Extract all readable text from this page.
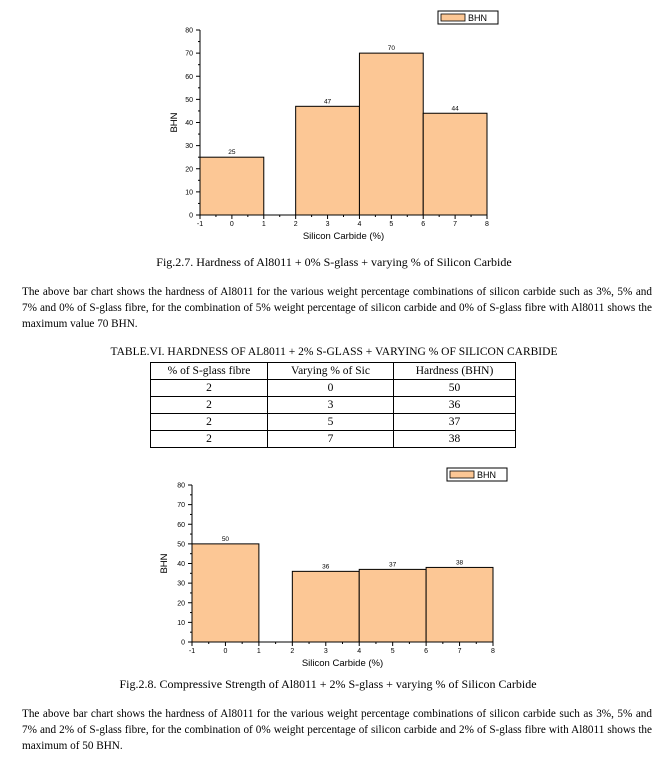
25
47
70
44
-1	0	1	2	3	4	5	6	7	8
0
10
20
30
40
50
60
70
80
Silicon Carbide (%)
BHN
BHN
Fig.2.7. Hardness of Al8011 + 0% S-glass + varying % of Silicon Carbide
The above bar chart shows the hardness of Al8011 for the various weight percentage combinations of silicon carbide such as 3%, 5% and 7% and 0% of S-glass fibre, for the combination of 5% weight percentage of silicon carbide and 0% of S-glass fibre with Al8011 shows the maximum value 70 BHN.
TABLE.VI. HARDNESS OF AL8011 + 2% S-GLASS + VARYING % OF SILICON CARBIDE
% of S-glass fibre	Varying % of Sic	Hardness (BHN)
2	0	50
2	3	36
2	5	37
2	7	38
50
36	37	38
-1	0	1	2	3	4	5	6	7	8
0
10
20
30
40
50
60
70
80
Silicon Carbide (%)
BHN
BHN
Fig.2.8. Compressive Strength of Al8011 + 2% S-glass + varying % of Silicon Carbide
The above bar chart shows the hardness of Al8011 for the various weight percentage combinations of silicon carbide such as 3%, 5% and 7% and 2% of S-glass fibre, for the combination of 0% weight percentage of silicon carbide and 2% of S-glass fibre with Al8011 shows the maximum of 50 BHN.
